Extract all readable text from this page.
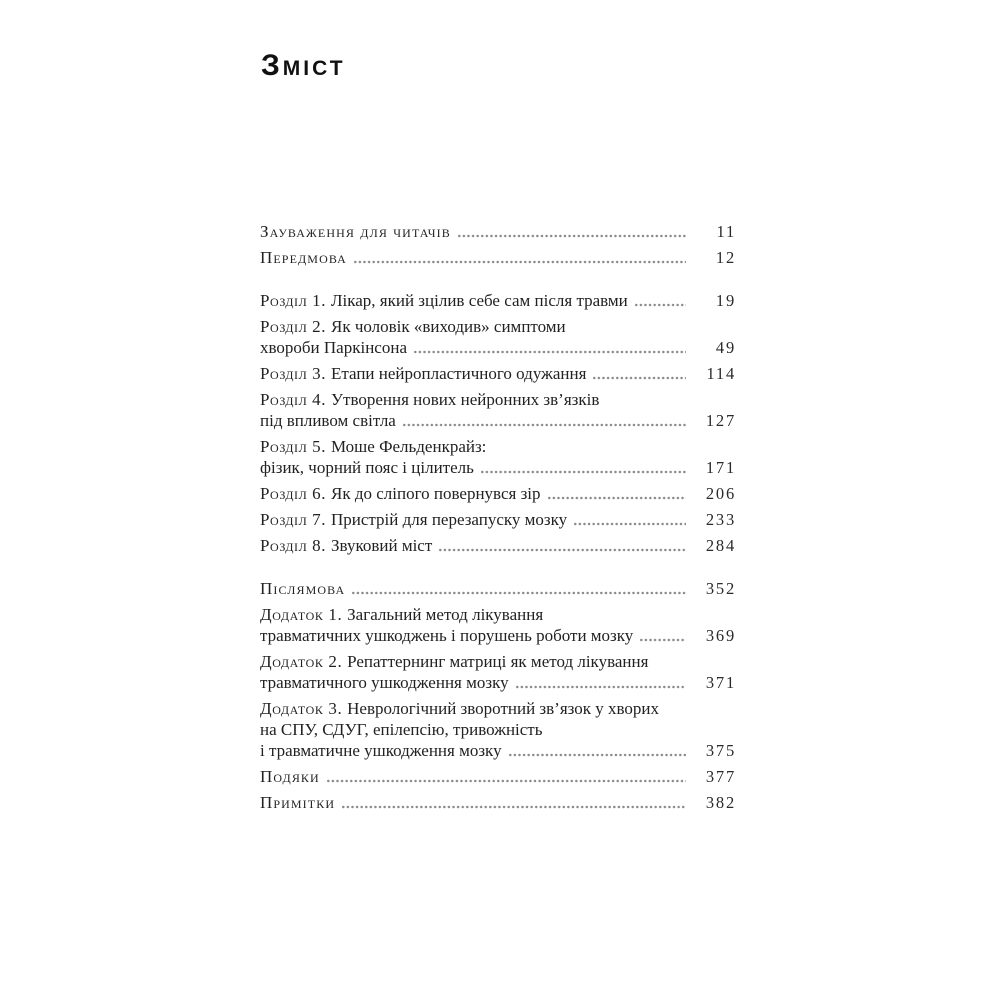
Зміст
Зауваження для читачів	11
Передмова	12
Розділ 1. Лікар, який зцілив себе сам після травми	19
Розділ 2. Як чоловік «виходив» симптоми
хвороби Паркінсона	49
Розділ 3. Етапи нейропластичного одужання	114
Розділ 4. Утворення нових нейронних зв’язків
під впливом світла	127
Розділ 5. Моше Фельденкрайз:
фізик, чорний пояс і цілитель	171
Розділ 6. Як до сліпого повернувся зір	206
Розділ 7. Пристрій для перезапуску мозку	233
Розділ 8. Звуковий міст	284
Післямова	352
Додаток 1. Загальний метод лікування
травматичних ушкоджень і порушень роботи мозку	369
Додаток 2. Репаттернинг матриці як метод лікування
травматичного ушкодження мозку	371
Додаток 3. Неврологічний зворотний зв’язок у хворих
на СПУ, СДУГ, епілепсію, тривожність
і травматичне ушкодження мозку	375
Подяки	377
Примітки	382
